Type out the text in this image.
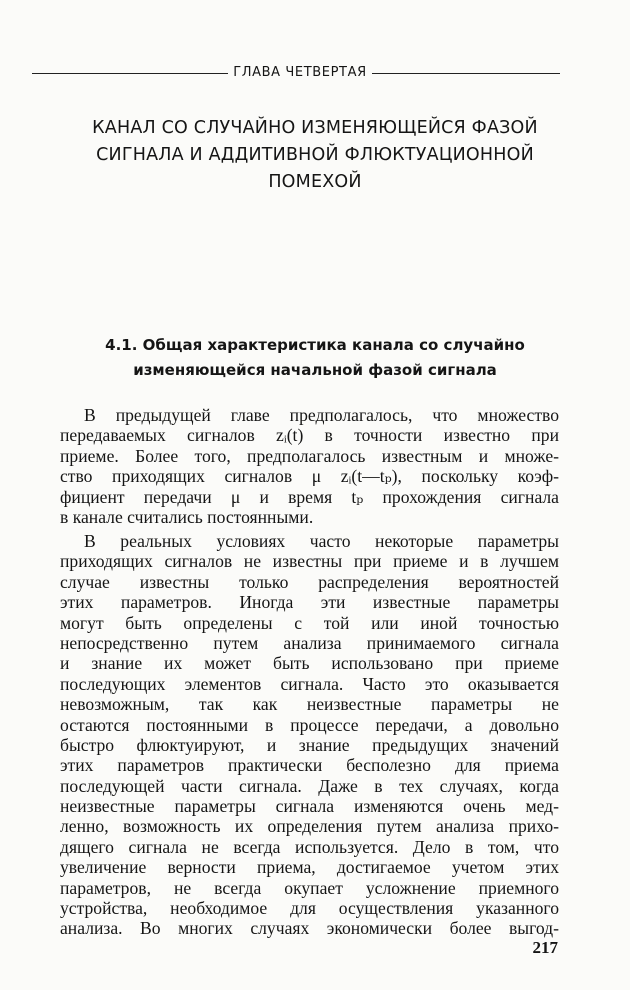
ГЛАВА ЧЕТВЕРТАЯ
КАНАЛ СО СЛУЧАЙНО ИЗМЕНЯЮЩЕЙСЯ ФАЗОЙ
СИГНАЛА И АДДИТИВНОЙ ФЛЮКТУАЦИОННОЙ
ПОМЕХОЙ
4.1. Общая характеристика канала со случайно
изменяющейся начальной фазой сигнала
В предыдущей главе предполагалось, что множество
передаваемых сигналов zᵢ(t) в точности известно при
приеме. Более того, предполагалось известным и множе-
ство приходящих сигналов μ zᵢ(t—tₚ), поскольку коэф-
фициент передачи μ и время tₚ прохождения сигнала
в канале считались постоянными.
В реальных условиях часто некоторые параметры
приходящих сигналов не известны при приеме и в лучшем
случае известны только распределения вероятностей
этих параметров. Иногда эти известные параметры
могут быть определены с той или иной точностью
непосредственно путем анализа принимаемого сигнала
и знание их может быть использовано при приеме
последующих элементов сигнала. Часто это оказывается
невозможным, так как неизвестные параметры не
остаются постоянными в процессе передачи, а довольно
быстро флюктуируют, и знание предыдущих значений
этих параметров практически бесполезно для приема
последующей части сигнала. Даже в тех случаях, когда
неизвестные параметры сигнала изменяются очень мед-
ленно, возможность их определения путем анализа прихо-
дящего сигнала не всегда используется. Дело в том, что
увеличение верности приема, достигаемое учетом этих
параметров, не всегда окупает усложнение приемного
устройства, необходимое для осуществления указанного
анализа. Во многих случаях экономически более выгод-
217
